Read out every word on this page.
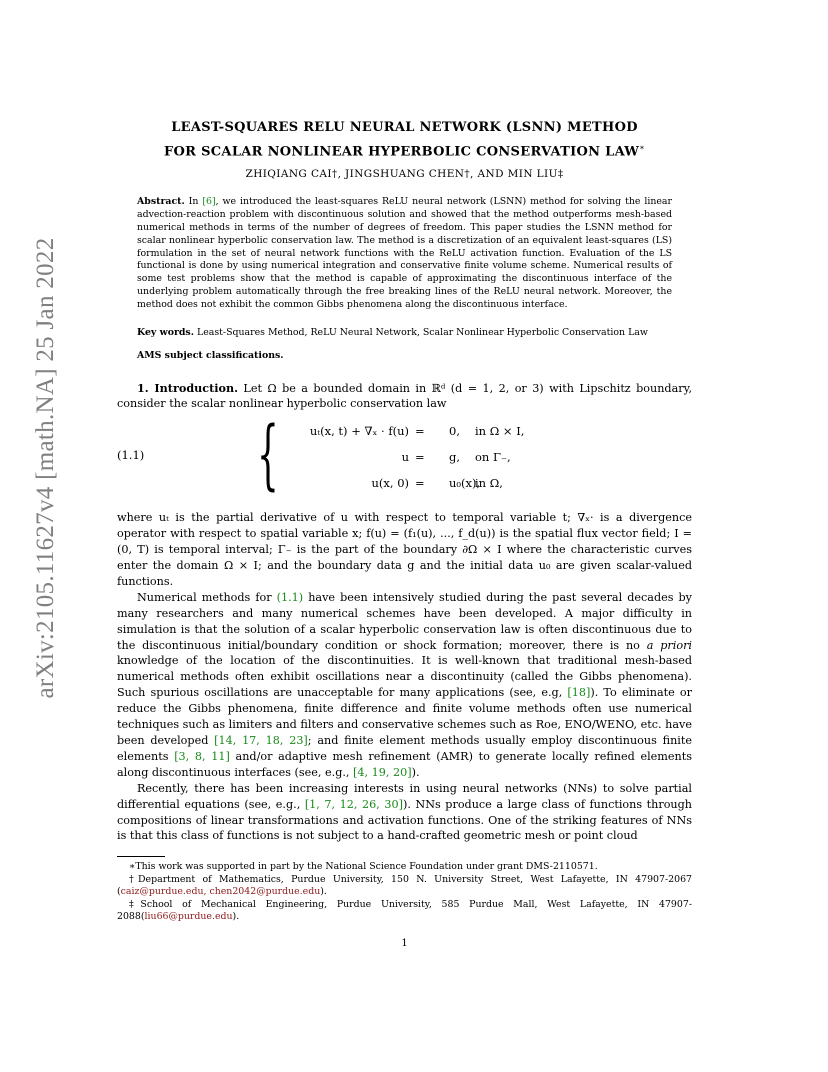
arXiv:2105.11627v4 [math.NA] 25 Jan 2022
LEAST-SQUARES RELU NEURAL NETWORK (LSNN) METHOD
FOR SCALAR NONLINEAR HYPERBOLIC CONSERVATION LAW∗
ZHIQIANG CAI†, JINGSHUANG CHEN†, AND MIN LIU‡
Abstract. In [6], we introduced the least-squares ReLU neural network (LSNN) method for solving the linear advection-reaction problem with discontinuous solution and showed that the method outperforms mesh-based numerical methods in terms of the number of degrees of freedom. This paper studies the LSNN method for scalar nonlinear hyperbolic conservation law. The method is a discretization of an equivalent least-squares (LS) formulation in the set of neural network functions with the ReLU activation function. Evaluation of the LS functional is done by using numerical integration and conservative finite volume scheme. Numerical results of some test problems show that the method is capable of approximating the discontinuous interface of the underlying problem automatically through the free breaking lines of the ReLU neural network. Moreover, the method does not exhibit the common Gibbs phenomena along the discontinuous interface.
Key words. Least-Squares Method, ReLU Neural Network, Scalar Nonlinear Hyperbolic Conservation Law
AMS subject classifications.

1. Introduction. Let Ω be a bounded domain in ℝᵈ (d = 1, 2, or 3) with Lipschitz boundary, consider the scalar nonlinear hyperbolic conservation law

(1.1) {	uₜ(x, t) + ∇ₓ · f(u) = 0, in Ω × I,
u = g, on Γ₋,
u(x, 0) = u₀(x),
in Ω,

where uₜ is the partial derivative of u with respect to temporal variable t; ∇ₓ· is a divergence operator with respect to spatial variable x; f(u) = (f₁(u), ..., f_d(u)) is the spatial flux vector field; I = (0, T) is temporal interval; Γ₋ is the part of the boundary ∂Ω × I where the characteristic curves enter the domain Ω × I; and the boundary data g and the initial data u₀ are given scalar-valued functions.

Numerical methods for (1.1) have been intensively studied during the past several decades by many researchers and many numerical schemes have been developed. A major difficulty in simulation is that the solution of a scalar hyperbolic conservation law is often discontinuous due to the discontinuous initial/boundary condition or shock formation; moreover, there is no a priori knowledge of the location of the discontinuities. It is well-known that traditional mesh-based numerical methods often exhibit oscillations near a discontinuity (called the Gibbs phenomena). Such spurious oscillations are unacceptable for many applications (see, e.g, [18]). To eliminate or reduce the Gibbs phenomena, finite difference and finite volume methods often use numerical techniques such as limiters and filters and conservative schemes such as Roe, ENO/WENO, etc. have been developed [14, 17, 18, 23]; and finite element methods usually employ discontinuous finite elements [3, 8, 11] and/or adaptive mesh refinement (AMR) to generate locally refined elements along discontinuous interfaces (see, e.g., [4, 19, 20]).

Recently, there has been increasing interests in using neural networks (NNs) to solve partial differential equations (see, e.g., [1, 7, 12, 26, 30]). NNs produce a large class of functions through compositions of linear transformations and activation functions. One of the striking features of NNs is that this class of functions is not subject to a hand-crafted geometric mesh or point cloud

∗This work was supported in part by the National Science Foundation under grant DMS-2110571.

†Department of Mathematics, Purdue University, 150 N. University Street, West Lafayette, IN 47907-2067 (caiz@purdue.edu, chen2042@purdue.edu).

‡School of Mechanical Engineering, Purdue University, 585 Purdue Mall, West Lafayette, IN 47907-2088(liu66@purdue.edu).

1
